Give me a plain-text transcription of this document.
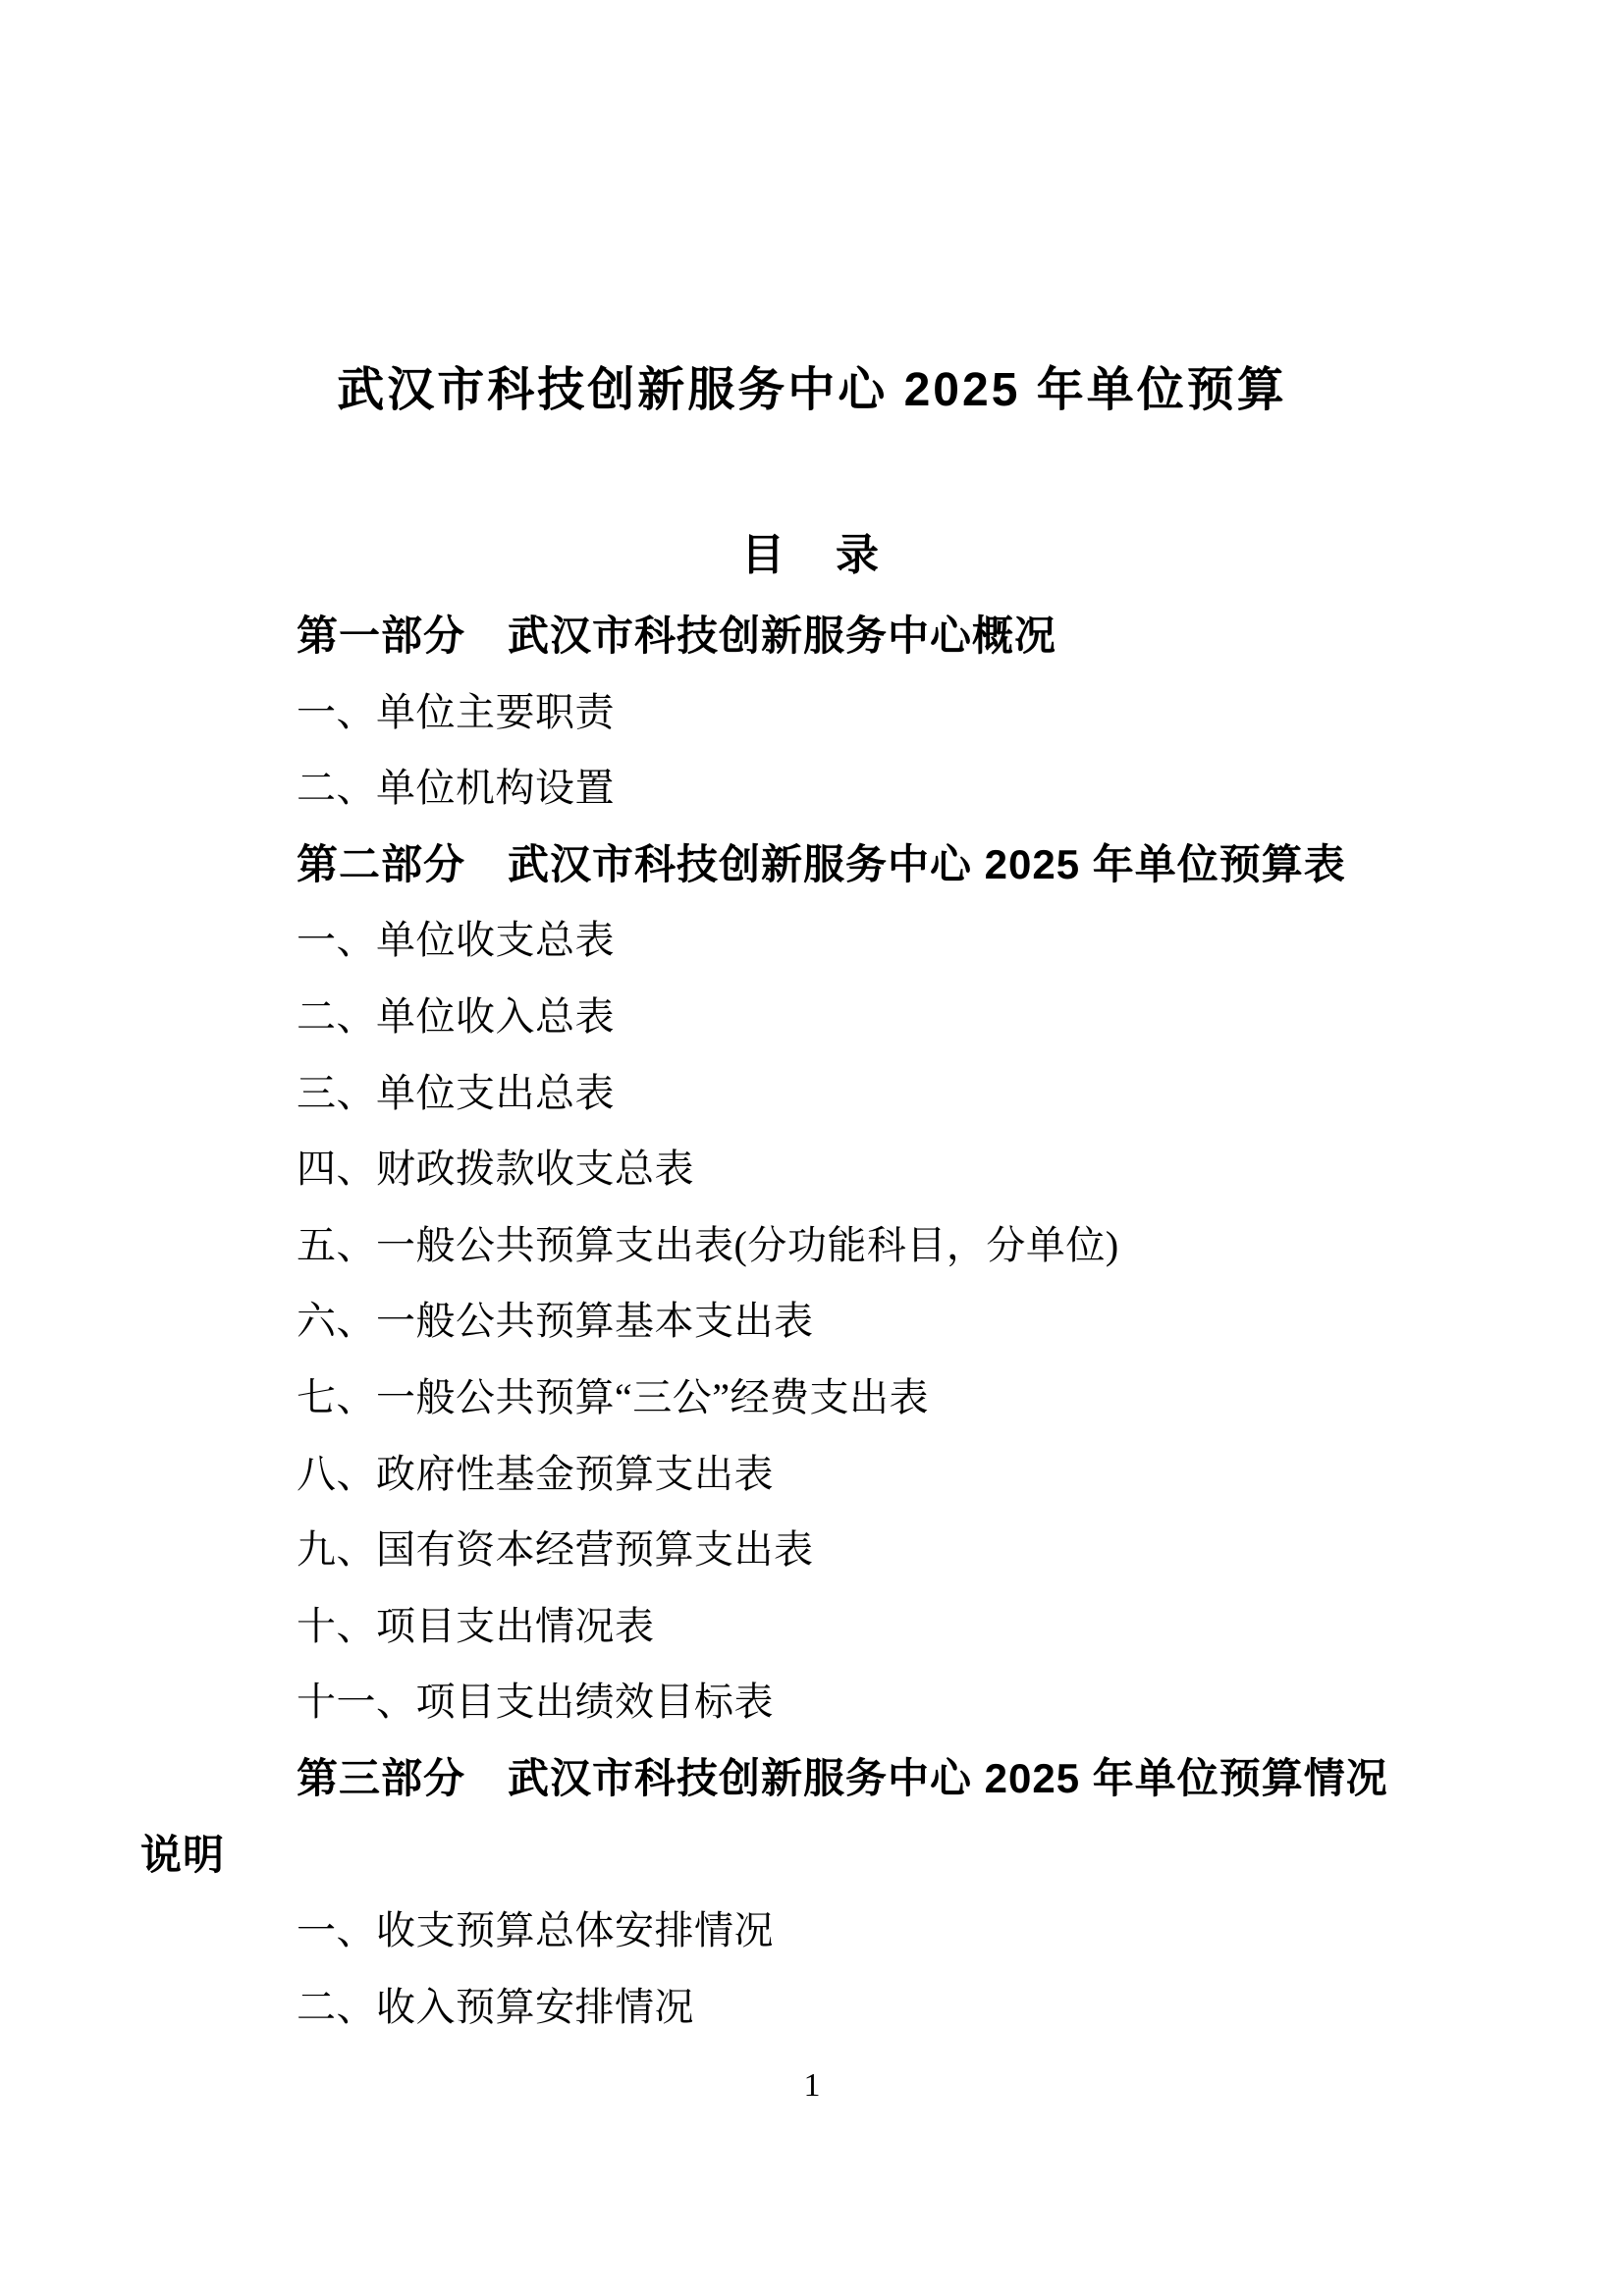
武汉市科技创新服务中心 2025 年单位预算
目　录
第一部分　武汉市科技创新服务中心概况
一、单位主要职责
二、单位机构设置
第二部分　武汉市科技创新服务中心 2025 年单位预算表
一、单位收支总表
二、单位收入总表
三、单位支出总表
四、财政拨款收支总表
五、一般公共预算支出表(分功能科目，分单位)
六、一般公共预算基本支出表
七、一般公共预算“三公”经费支出表
八、政府性基金预算支出表
九、国有资本经营预算支出表
十、项目支出情况表
十一、项目支出绩效目标表
第三部分　武汉市科技创新服务中心 2025 年单位预算情况
说明
一、收支预算总体安排情况
二、收入预算安排情况
1
